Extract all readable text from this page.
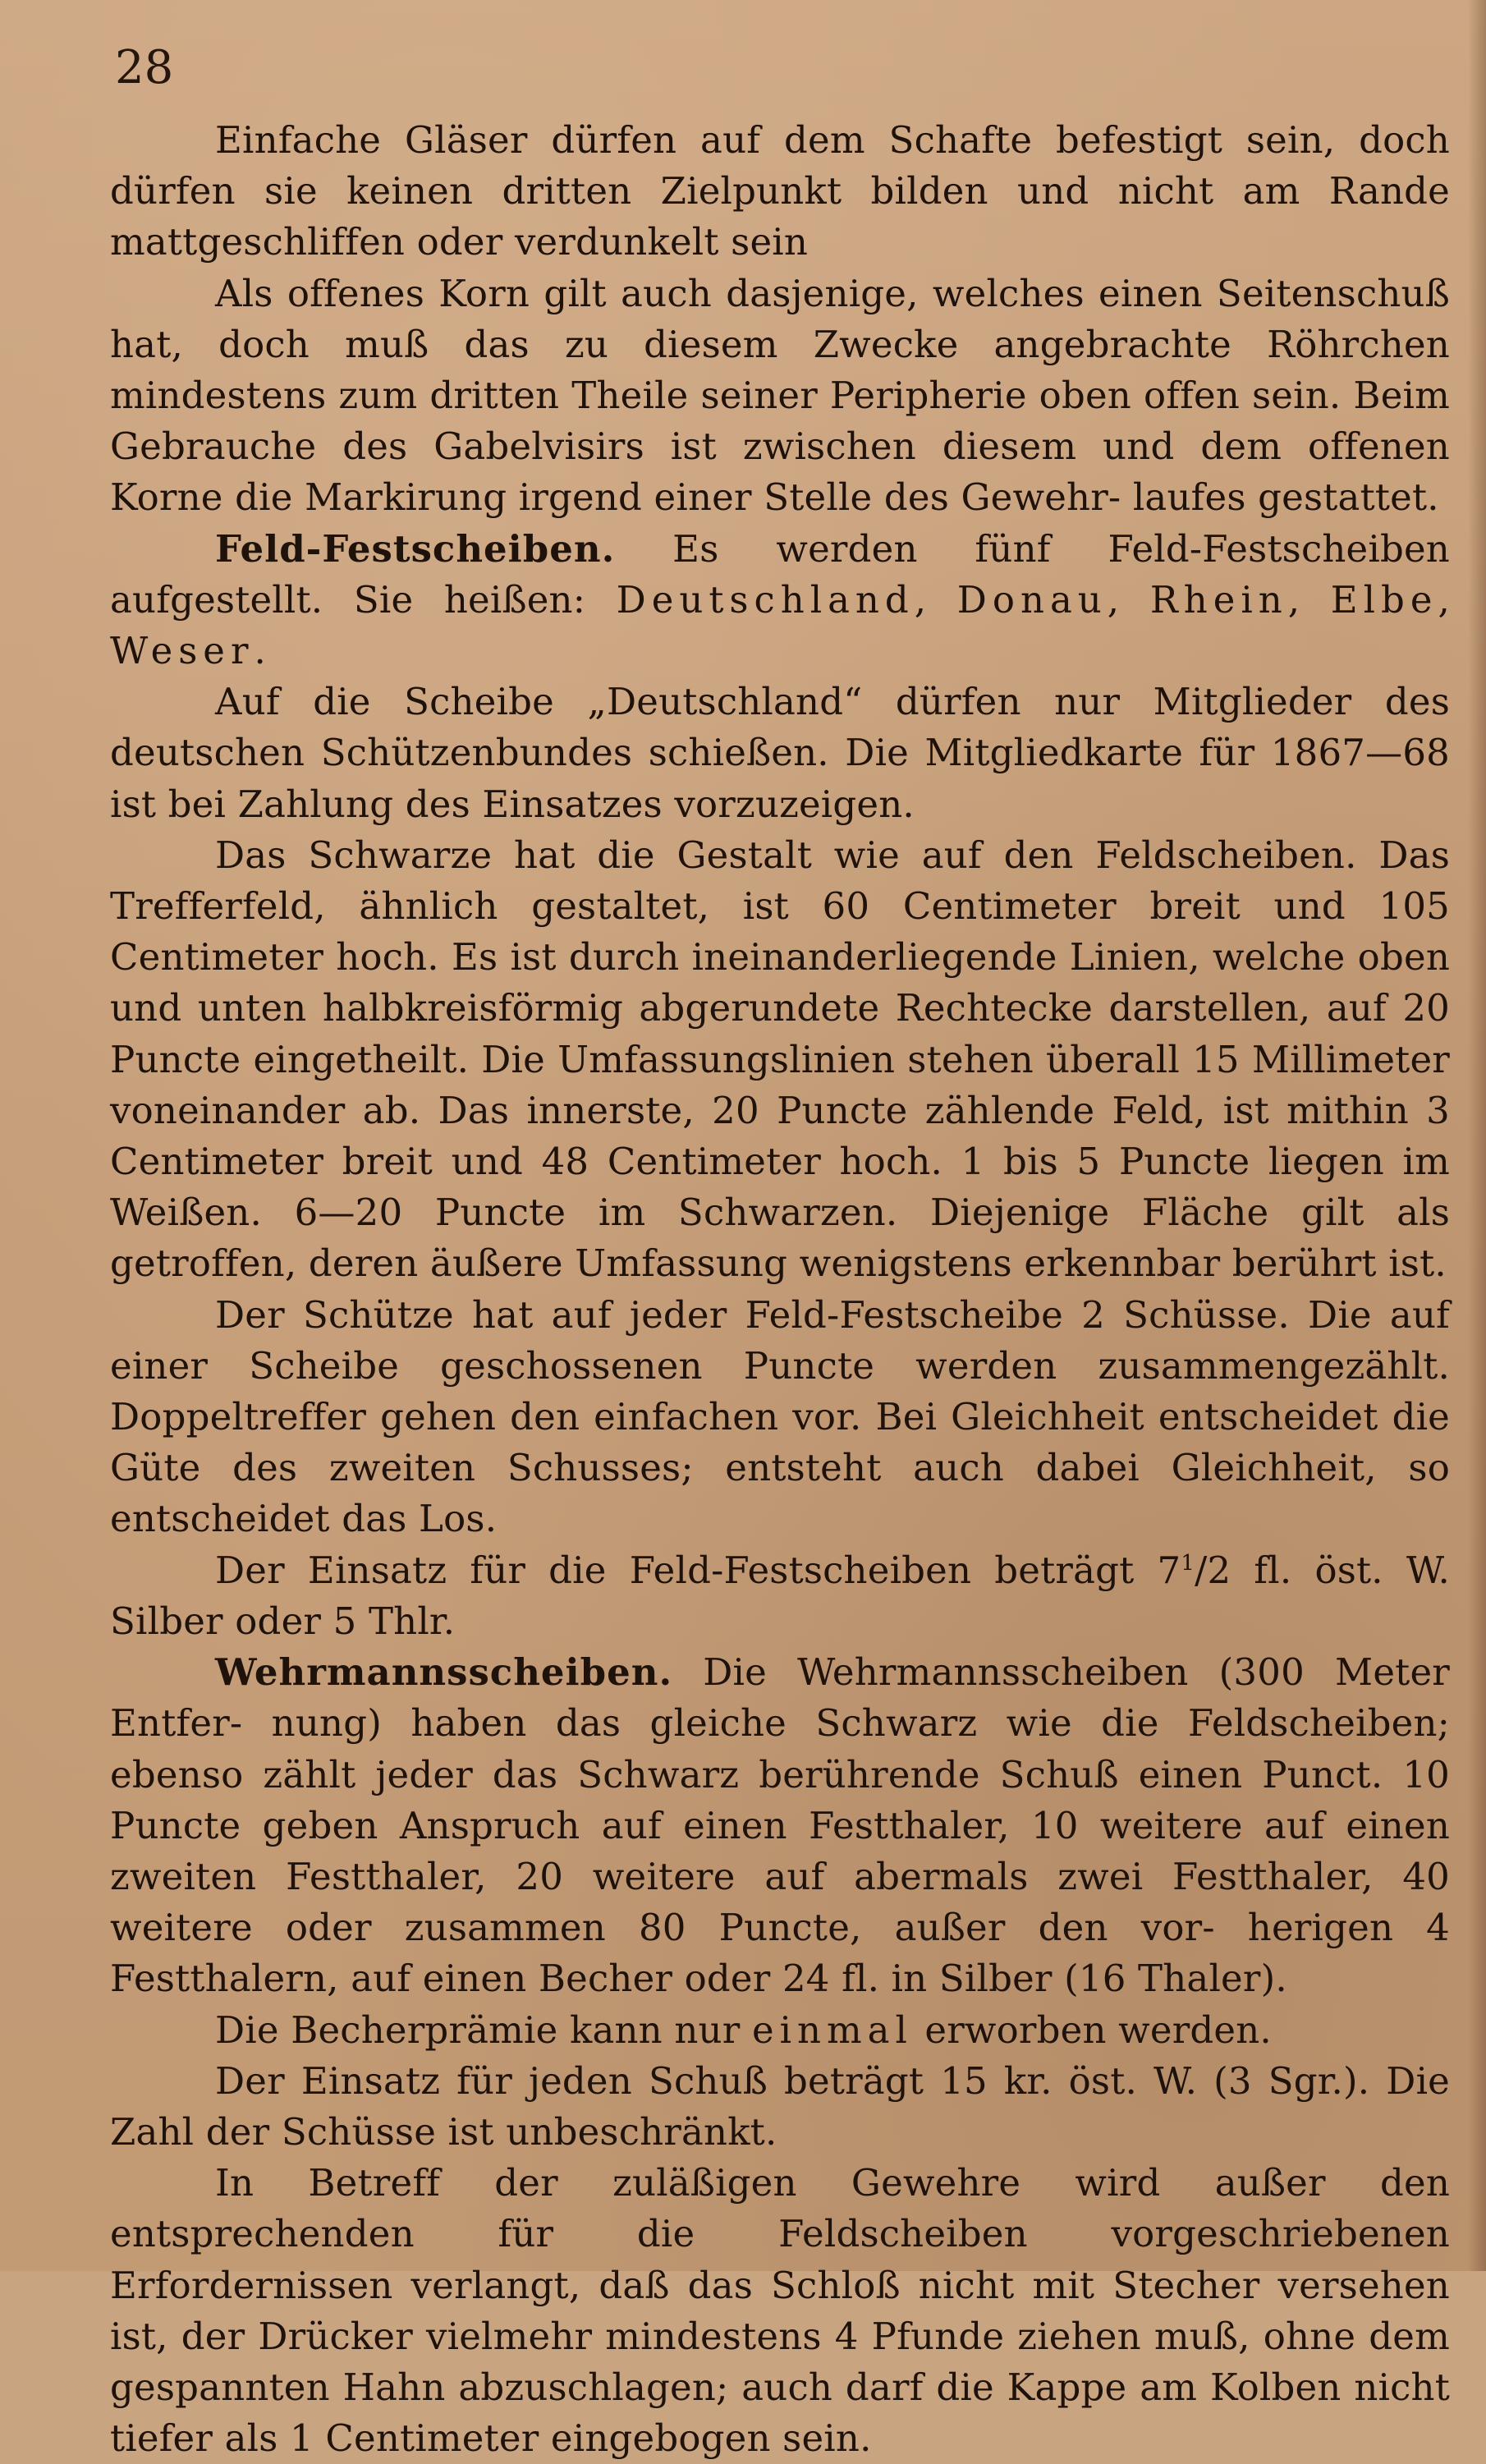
28

Einfache Gläser dürfen auf dem Schafte befestigt sein, doch dürfen sie keinen dritten Zielpunkt bilden und nicht am Rande mattgeschliffen oder verdunkelt sein

Als offenes Korn gilt auch dasjenige, welches einen Seitenschuß hat, doch muß das zu diesem Zwecke angebrachte Röhrchen mindestens zum dritten Theile seiner Peripherie oben offen sein. Beim Gebrauche des Gabelvisirs ist zwischen diesem und dem offenen Korne die Markirung irgend einer Stelle des Gewehr- laufes gestattet.

Feld-Festscheiben. Es werden fünf Feld-Festscheiben aufgestellt. Sie heißen: Deutschland, Donau, Rhein, Elbe, Weser.

Auf die Scheibe „Deutschland“ dürfen nur Mitglieder des deutschen Schützenbundes schießen. Die Mitgliedkarte für 1867—68 ist bei Zahlung des Einsatzes vorzuzeigen.

Das Schwarze hat die Gestalt wie auf den Feldscheiben. Das Trefferfeld, ähnlich gestaltet, ist 60 Centimeter breit und 105 Centimeter hoch. Es ist durch ineinanderliegende Linien, welche oben und unten halbkreisförmig abgerundete Rechtecke darstellen, auf 20 Puncte eingetheilt. Die Umfassungslinien stehen überall 15 Millimeter voneinander ab. Das innerste, 20 Puncte zählende Feld, ist mithin 3 Centimeter breit und 48 Centimeter hoch. 1 bis 5 Puncte liegen im Weißen. 6—20 Puncte im Schwarzen. Diejenige Fläche gilt als getroffen, deren äußere Umfassung wenigstens erkennbar berührt ist.

Der Schütze hat auf jeder Feld-Festscheibe 2 Schüsse. Die auf einer Scheibe geschossenen Puncte werden zusammengezählt. Doppeltreffer gehen den einfachen vor. Bei Gleichheit entscheidet die Güte des zweiten Schusses; entsteht auch dabei Gleichheit, so entscheidet das Los.

Der Einsatz für die Feld-Festscheiben beträgt $7^1/2$ fl. öst. W. Silber oder 5 Thlr.

Wehrmannsscheiben. Die Wehrmannsscheiben (300 Meter Entfer- nung) haben das gleiche Schwarz wie die Feldscheiben; ebenso zählt jeder das Schwarz berührende Schuß einen Punct. 10 Puncte geben Anspruch auf einen Festthaler, 10 weitere auf einen zweiten Festthaler, 20 weitere auf abermals zwei Festthaler, 40 weitere oder zusammen 80 Puncte, außer den vor- herigen 4 Festthalern, auf einen Becher oder 24 fl. in Silber (16 Thaler).

Die Becherprämie kann nur einmal erworben werden.

Der Einsatz für jeden Schuß beträgt 15 kr. öst. W. (3 Sgr.). Die Zahl der Schüsse ist unbeschränkt.

In Betreff der zuläßigen Gewehre wird außer den entsprechenden für die Feldscheiben vorgeschriebenen Erfordernissen verlangt, daß das Schloß nicht mit Stecher versehen ist, der Drücker vielmehr mindestens 4 Pfunde ziehen muß, ohne dem gespannten Hahn abzuschlagen; auch darf die Kappe am Kolben nicht tiefer als 1 Centimeter eingebogen sein.
